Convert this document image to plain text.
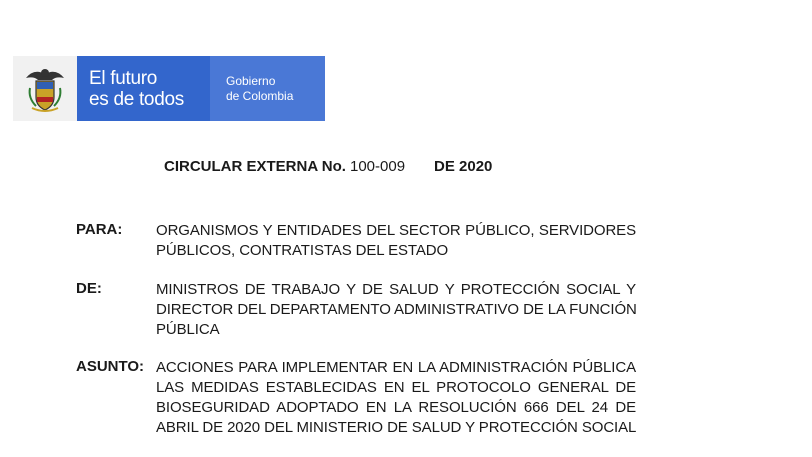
El futuro
es de todos
Gobierno
de Colombia
CIRCULAR EXTERNA No. 100-009 DE 2020
PARA: ORGANISMOS Y ENTIDADES DEL SECTOR PÚBLICO, SERVIDORES
PÚBLICOS, CONTRATISTAS DEL ESTADO
DE:	MINISTROS DE TRABAJO Y DE SALUD Y PROTECCIÓN SOCIAL Y
DIRECTOR DEL DEPARTAMENTO ADMINISTRATIVO DE LA FUNCIÓN
PÚBLICA
ASUNTO: ACCIONES PARA IMPLEMENTAR EN LA ADMINISTRACIÓN PÚBLICA
LAS MEDIDAS ESTABLECIDAS EN EL PROTOCOLO GENERAL DE
BIOSEGURIDAD ADOPTADO EN LA RESOLUCIÓN 666 DEL 24 DE
ABRIL DE 2020 DEL MINISTERIO DE SALUD Y PROTECCIÓN SOCIAL
